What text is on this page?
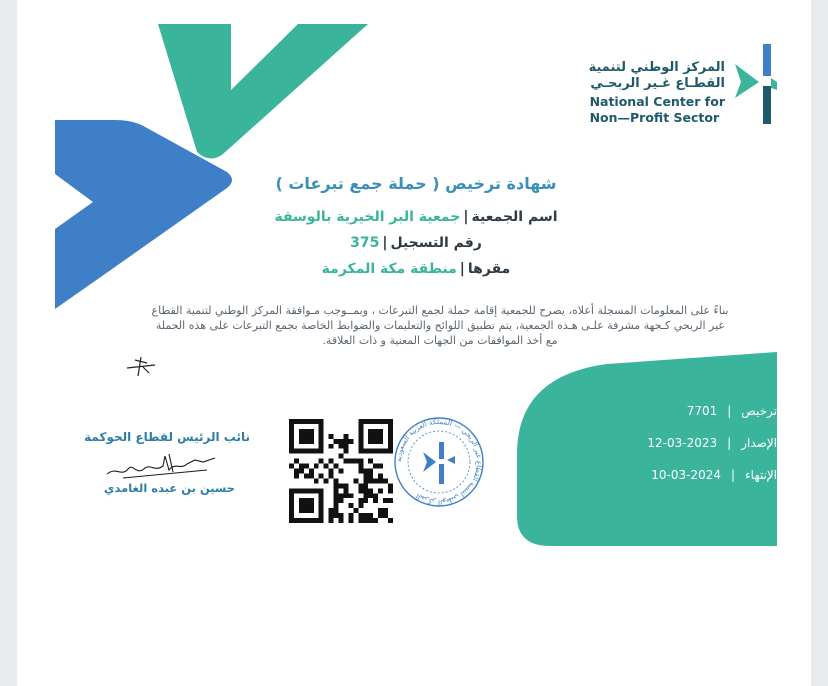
المركز الوطني لتنمية
القطـاع غـير الربحـي
National Center for
Non—Profit Sector
شهادة ترخيص ( حملة جمع تبرعات )
اسم الجمعية|جمعية البر الخيرية بالوسقة
رقم التسجيل|375
مقرها|منطقة مكة المكرمة
بناءً على المعلومات المسجلة أعلاه، يصرح للجمعية إقامة حملة لجمع التبرعات ، وبمــوجب مـوافقة المركز الوطني لتنمية القطاع
غير الربحي كـجهة مشرفة علـى هـذه الجمعية، يتم تطبيق اللوائح والتعليمات والضوابط الخاصة بجمع التبرعات على هذه الحملة
مع أخذ الموافقات من الجهات المعنية و ذات العلاقة.
ترخيص|7701
الإصدار|12-03-2023
الإنتهاء|10-03-2024
المركز الوطني لتنمية القطاع غير الربحي — المملكة العربية السعودية
نائب الرئيس لقطاع الحوكمة
حسين بن عبده الغامدي
